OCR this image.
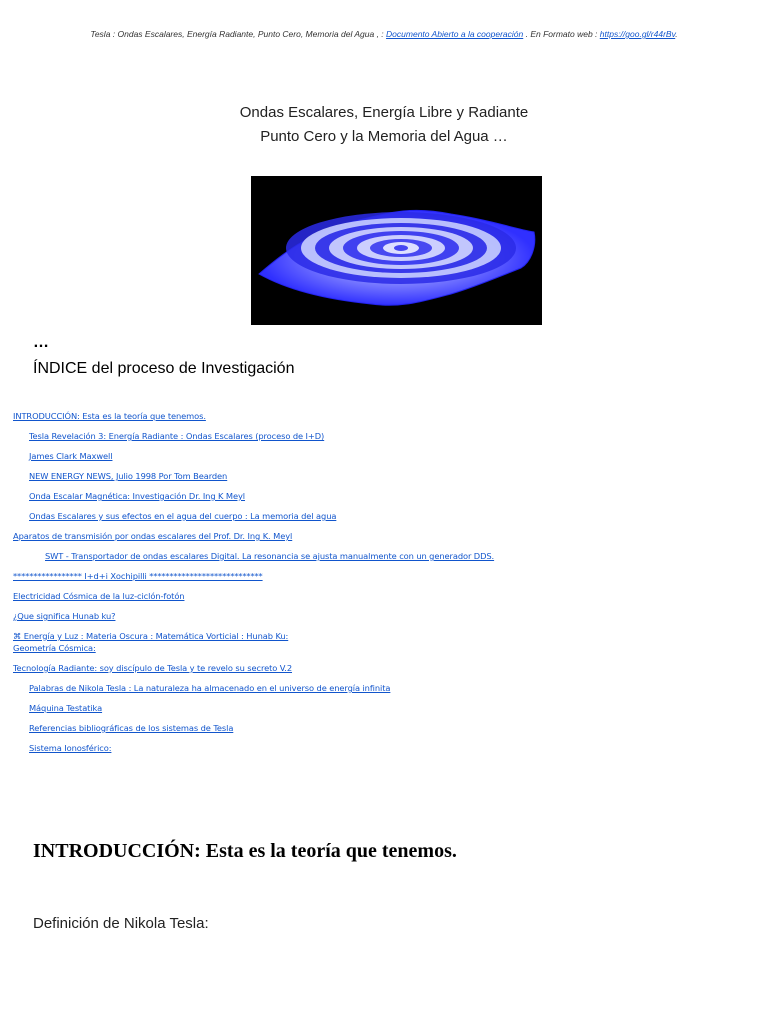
Tesla : Ondas Escalares, Energía Radiante, Punto Cero, Memoria del Agua , : Documento Abierto a la cooperación . En Formato web : https://goo.gl/r44rBv.
Ondas Escalares, Energía Libre y Radiante
Punto Cero y la Memoria del Agua …
…
ÍNDICE del proceso de Investigación
INTRODUCCIÓN: Esta es la teoría que tenemos.
Tesla Revelación 3: Energía Radiante : Ondas Escalares (proceso de I+D)
James Clark Maxwell
NEW ENERGY NEWS, Julio 1998 Por Tom Bearden
Onda Escalar Magnética: Investigación Dr. Ing K Meyl
Ondas Escalares y sus efectos en el agua del cuerpo : La memoria del agua
Aparatos de transmisión por ondas escalares del Prof. Dr. Ing K. Meyl
SWT - Transportador de ondas escalares Digital. La resonancia se ajusta manualmente con un generador DDS.
***************** I+d+i Xochipilli ****************************
Electricidad Cósmica de la luz-ciclón-fotón
¿Que significa Hunab ku?
⌘ Energía y Luz : Materia Oscura : Matemática Vorticial : Hunab Ku:
Geometría Cósmica:
Tecnología Radiante: soy discípulo de Tesla y te revelo su secreto V.2
Palabras de Nikola Tesla : La naturaleza ha almacenado en el universo de energía infinita
Máquina Testatika
Referencias bibliográficas de los sistemas de Tesla
Sistema Ionosférico:
INTRODUCCIÓN: Esta es la teoría que tenemos.
Definición de Nikola Tesla:
